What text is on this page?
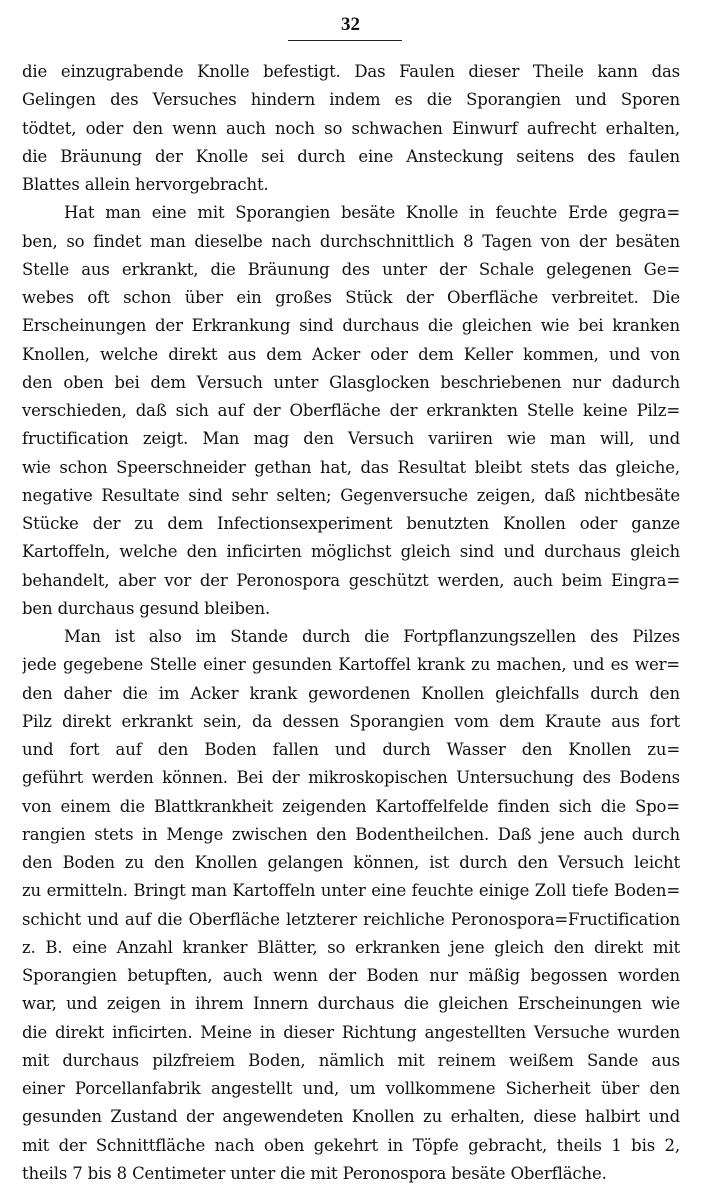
32
die einzugrabende Knolle befestigt. Das Faulen dieser Theile kann das
Gelingen des Versuches hindern indem es die Sporangien und Sporen
tödtet, oder den wenn auch noch so schwachen Einwurf aufrecht erhalten,
die Bräunung der Knolle sei durch eine Ansteckung seitens des faulen
Blattes allein hervorgebracht.
Hat man eine mit Sporangien besäte Knolle in feuchte Erde gegra=
ben, so findet man dieselbe nach durchschnittlich 8 Tagen von der besäten
Stelle aus erkrankt, die Bräunung des unter der Schale gelegenen Ge=
webes oft schon über ein großes Stück der Oberfläche verbreitet. Die
Erscheinungen der Erkrankung sind durchaus die gleichen wie bei kranken
Knollen, welche direkt aus dem Acker oder dem Keller kommen, und von
den oben bei dem Versuch unter Glasglocken beschriebenen nur dadurch
verschieden, daß sich auf der Oberfläche der erkrankten Stelle keine Pilz=
fructification zeigt. Man mag den Versuch variiren wie man will, und
wie schon Speerschneider gethan hat, das Resultat bleibt stets das gleiche,
negative Resultate sind sehr selten; Gegenversuche zeigen, daß nichtbesäte
Stücke der zu dem Infectionsexperiment benutzten Knollen oder ganze
Kartoffeln, welche den inficirten möglichst gleich sind und durchaus gleich
behandelt, aber vor der Peronospora geschützt werden, auch beim Eingra=
ben durchaus gesund bleiben.
Man ist also im Stande durch die Fortpflanzungszellen des Pilzes
jede gegebene Stelle einer gesunden Kartoffel krank zu machen, und es wer=
den daher die im Acker krank gewordenen Knollen gleichfalls durch den
Pilz direkt erkrankt sein, da dessen Sporangien vom dem Kraute aus fort
und fort auf den Boden fallen und durch Wasser den Knollen zu=
geführt werden können. Bei der mikroskopischen Untersuchung des Bodens
von einem die Blattkrankheit zeigenden Kartoffelfelde finden sich die Spo=
rangien stets in Menge zwischen den Bodentheilchen. Daß jene auch durch
den Boden zu den Knollen gelangen können, ist durch den Versuch leicht
zu ermitteln. Bringt man Kartoffeln unter eine feuchte einige Zoll tiefe Boden=
schicht und auf die Oberfläche letzterer reichliche Peronospora=Fructification
z. B. eine Anzahl kranker Blätter, so erkranken jene gleich den direkt mit
Sporangien betupften, auch wenn der Boden nur mäßig begossen worden
war, und zeigen in ihrem Innern durchaus die gleichen Erscheinungen wie
die direkt inficirten. Meine in dieser Richtung angestellten Versuche wurden
mit durchaus pilzfreiem Boden, nämlich mit reinem weißem Sande aus
einer Porcellanfabrik angestellt und, um vollkommene Sicherheit über den
gesunden Zustand der angewendeten Knollen zu erhalten, diese halbirt und
mit der Schnittfläche nach oben gekehrt in Töpfe gebracht, theils 1 bis 2,
theils 7 bis 8 Centimeter unter die mit Peronospora besäte Oberfläche.
